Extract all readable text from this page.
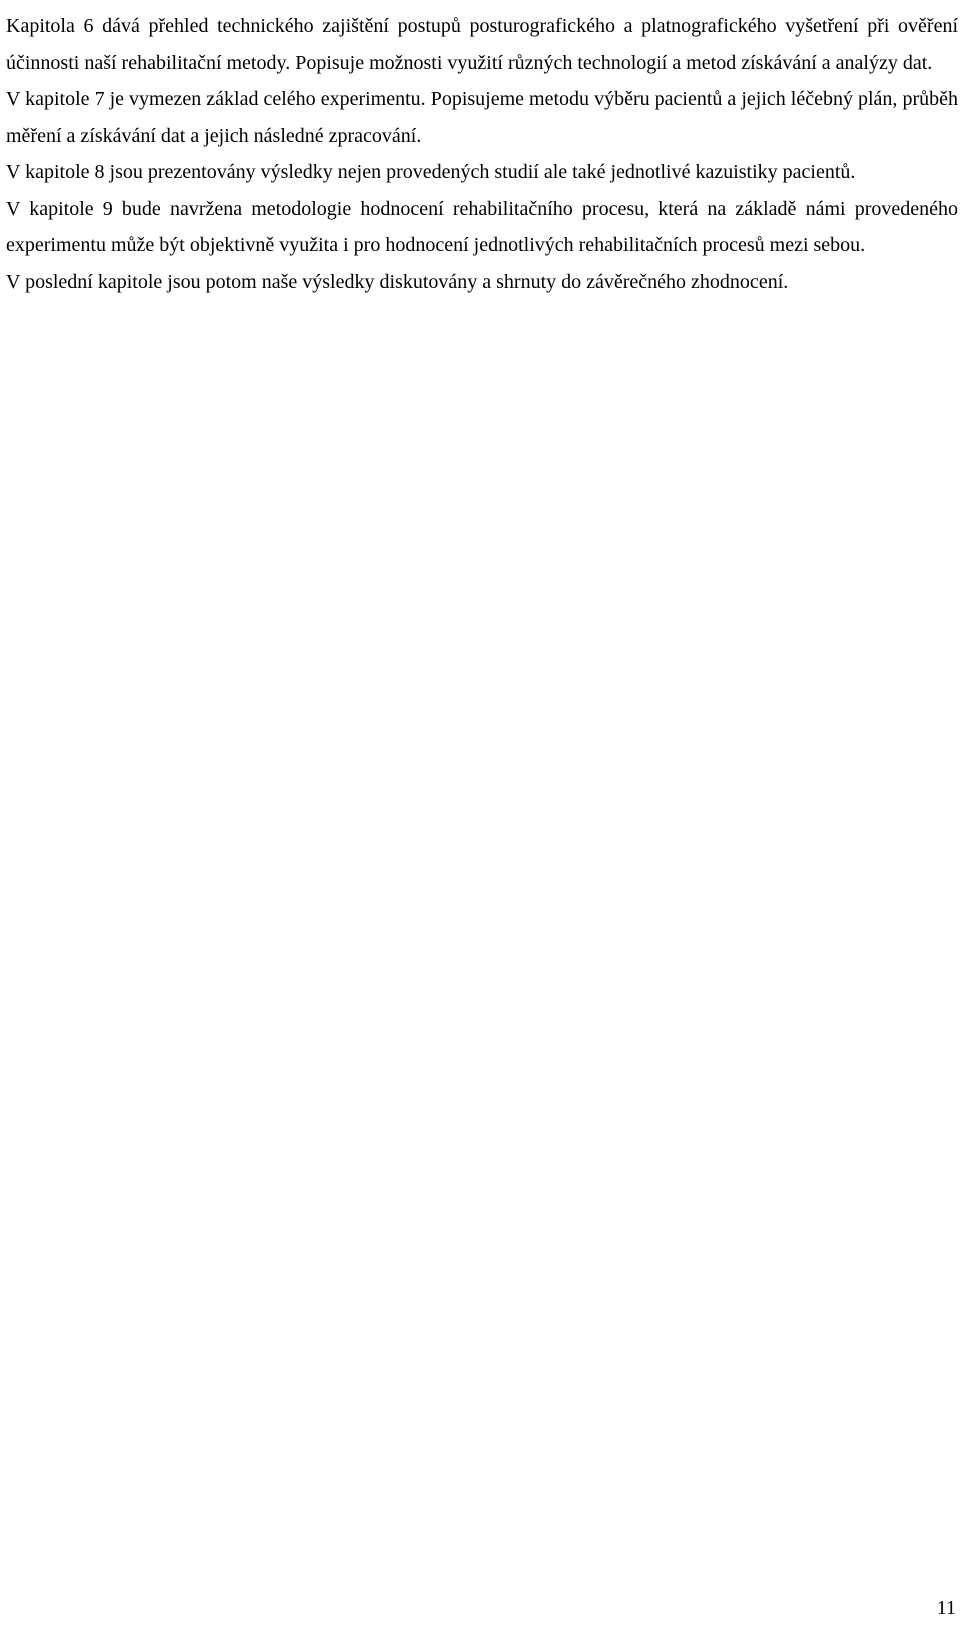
Kapitola 6 dává přehled technického zajištění postupů posturografického a platnografického vyšetření při ověření účinnosti naší rehabilitační metody. Popisuje možnosti využití různých technologií a metod získávání a analýzy dat.

V kapitole 7 je vymezen základ celého experimentu. Popisujeme metodu výběru pacientů a jejich léčebný plán, průběh měření a získávání dat a jejich následné zpracování.

V kapitole 8 jsou prezentovány výsledky nejen provedených studií ale také jednotlivé kazuistiky pacientů.

V kapitole 9 bude navržena metodologie hodnocení rehabilitačního procesu, která na základě námi provedeného experimentu může být objektivně využita i pro hodnocení jednotlivých rehabilitačních procesů mezi sebou.

V poslední kapitole jsou potom naše výsledky diskutovány a shrnuty do závěrečného zhodnocení.

11
